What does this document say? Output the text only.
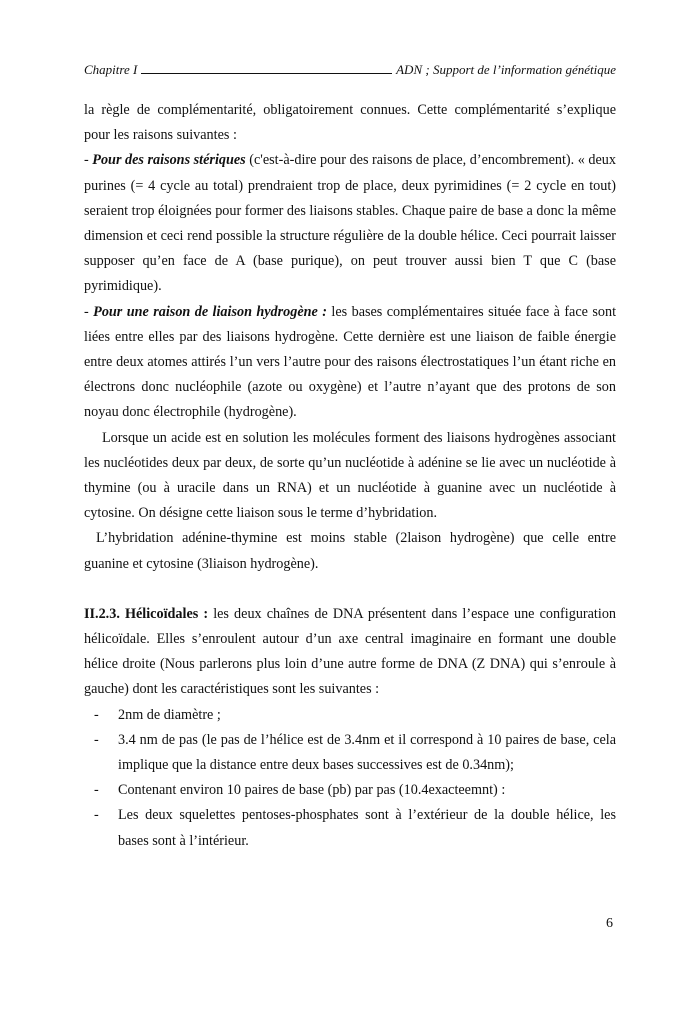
Chapitre I	ADN ; Support de l’information génétique

la règle de complémentarité, obligatoirement connues. Cette complémentarité s’explique pour les raisons suivantes :

- Pour des raisons stériques (c'est-à-dire pour des raisons de place, d’encombrement). « deux purines (= 4 cycle au total) prendraient trop de place, deux pyrimidines (= 2 cycle en tout) seraient trop éloignées pour former des liaisons stables. Chaque paire de base a donc la même dimension et ceci rend possible la structure régulière de la double hélice. Ceci pourrait laisser supposer qu’en face de A (base purique), on peut trouver aussi bien T que C (base pyrimidique).

- Pour une raison de liaison hydrogène : les bases complémentaires située face à face sont liées entre elles par des liaisons hydrogène. Cette dernière est une liaison de faible énergie entre deux atomes attirés l’un vers l’autre pour des raisons électrostatiques l’un étant riche en électrons donc nucléophile (azote ou oxygène) et l’autre n’ayant que des protons de son noyau donc électrophile (hydrogène).

Lorsque un acide est en solution les molécules forment des liaisons hydrogènes associant les nucléotides deux par deux, de sorte qu’un nucléotide à adénine se lie avec un nucléotide à thymine (ou à uracile dans un RNA) et un nucléotide à guanine avec un nucléotide à cytosine. On désigne cette liaison sous le terme d’hybridation.

L’hybridation adénine-thymine est moins stable (2laison hydrogène) que celle entre guanine et cytosine (3liaison hydrogène).

II.2.3. Hélicoïdales : les deux chaînes de DNA présentent dans l’espace une configuration hélicoïdale. Elles s’enroulent autour d’un axe central imaginaire en formant une double hélice droite (Nous parlerons plus loin d’une autre forme de DNA (Z DNA) qui s’enroule à gauche) dont les caractéristiques sont les suivantes :

- 2nm de diamètre ;
- 3.4 nm de pas (le pas de l’hélice est de 3.4nm et il correspond à 10 paires de base, cela implique que la distance entre deux bases successives est de 0.34nm);
- Contenant environ 10 paires de base (pb) par pas (10.4exacteemnt) :
- Les deux squelettes pentoses-phosphates sont à l’extérieur de la double hélice, les bases sont à l’intérieur.
6
